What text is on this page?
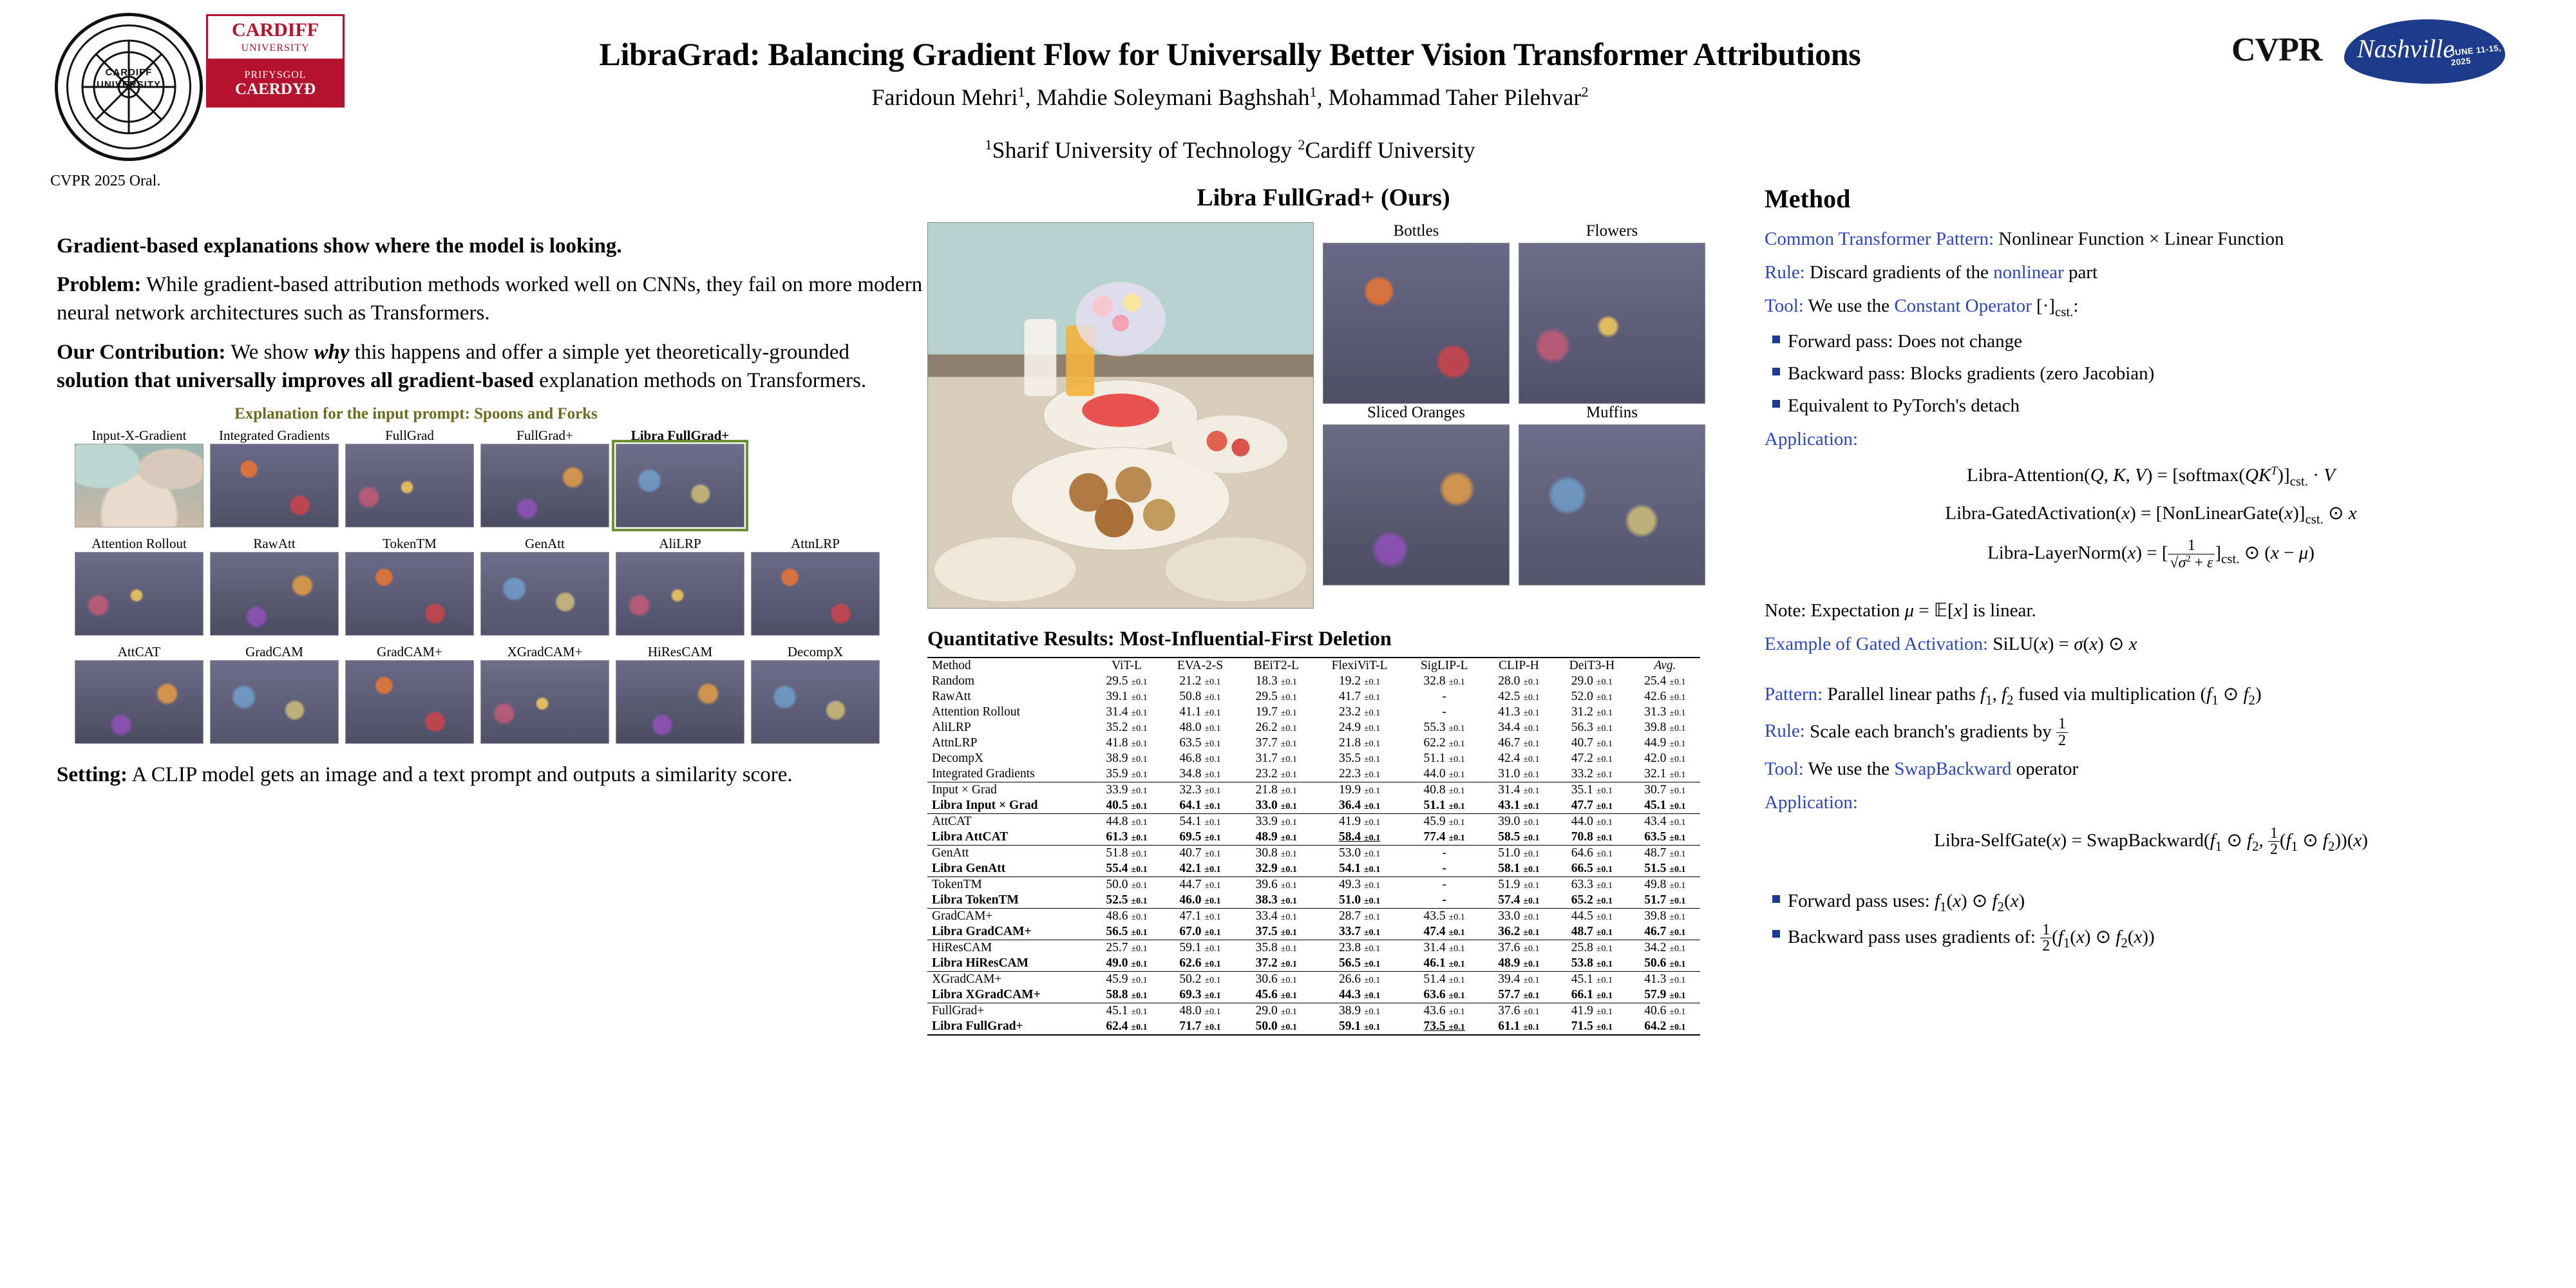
CARDIFF
UNIVERSITY
CARDIFF
UNIVERSITY
PRIFYSGOL
CAERDYÐ
CVPR 2025 Oral.
LibraGrad: Balancing Gradient Flow for Universally Better Vision Transformer Attributions
Faridoun Mehri$^1$, Mahdie Soleymani Baghshah$^1$, Mohammad Taher Pilehvar$^2$
$^1$Sharif University of Technology $^2$Cardiff University
CVPR Nashville
JUNE 11-15, 2025

Gradient-based explanations show where the model is looking.

Problem: While gradient-based attribution methods worked well on CNNs, they fail on more modern neural network architectures such as Transformers.

Our Contribution: We show why this happens and offer a simple yet theoretically-grounded solution that universally improves all gradient-based explanation methods on Transformers.

Explanation for the input prompt: Spoons and Forks
Input-X-Gradient	Integrated Gradients	FullGrad	FullGrad+	Libra FullGrad+
Attention Rollout	RawAtt	TokenTM	GenAtt	AliLRP	AttnLRP
AttCAT	GradCAM	GradCAM+	XGradCAM+	HiResCAM	DecompX
Setting: A CLIP model gets an image and a text prompt and outputs a similarity score.
Libra FullGrad+ (Ours)
Bottles	Flowers
Sliced Oranges	Muffins
Quantitative Results: Most-Influential-First Deletion
Method	ViT-L	EVA-2-S	BEiT2-L	FlexiViT-L	SigLIP-L	CLIP-H	DeiT3-H	Avg.
Random	29.5 ±0.1	21.2 ±0.1	18.3 ±0.1	19.2 ±0.1	32.8 ±0.1	28.0 ±0.1	29.0 ±0.1	25.4 ±0.1
RawAtt	39.1 ±0.1	50.8 ±0.1	29.5 ±0.1	41.7 ±0.1	-	42.5 ±0.1	52.0 ±0.1	42.6 ±0.1
Attention Rollout	31.4 ±0.1	41.1 ±0.1	19.7 ±0.1	23.2 ±0.1	-	41.3 ±0.1	31.2 ±0.1	31.3 ±0.1
AliLRP	35.2 ±0.1	48.0 ±0.1	26.2 ±0.1	24.9 ±0.1	55.3 ±0.1	34.4 ±0.1	56.3 ±0.1	39.8 ±0.1
AttnLRP	41.8 ±0.1	63.5 ±0.1	37.7 ±0.1	21.8 ±0.1	62.2 ±0.1	46.7 ±0.1	40.7 ±0.1	44.9 ±0.1
DecompX	38.9 ±0.1	46.8 ±0.1	31.7 ±0.1	35.5 ±0.1	51.1 ±0.1	42.4 ±0.1	47.2 ±0.1	42.0 ±0.1
Integrated Gradients	35.9 ±0.1	34.8 ±0.1	23.2 ±0.1	22.3 ±0.1	44.0 ±0.1	31.0 ±0.1	33.2 ±0.1	32.1 ±0.1
Input × Grad	33.9 ±0.1	32.3 ±0.1	21.8 ±0.1	19.9 ±0.1	40.8 ±0.1	31.4 ±0.1	35.1 ±0.1	30.7 ±0.1
Libra Input × Grad	40.5 ±0.1	64.1 ±0.1	33.0 ±0.1	36.4 ±0.1	51.1 ±0.1	43.1 ±0.1	47.7 ±0.1	45.1 ±0.1
AttCAT	44.8 ±0.1	54.1 ±0.1	33.9 ±0.1	41.9 ±0.1	45.9 ±0.1	39.0 ±0.1	44.0 ±0.1	43.4 ±0.1
Libra AttCAT	61.3 ±0.1	69.5 ±0.1	48.9 ±0.1	58.4 ±0.1	77.4 ±0.1	58.5 ±0.1	70.8 ±0.1	63.5 ±0.1
GenAtt	51.8 ±0.1	40.7 ±0.1	30.8 ±0.1	53.0 ±0.1	-	51.0 ±0.1	64.6 ±0.1	48.7 ±0.1
Libra GenAtt	55.4 ±0.1	42.1 ±0.1	32.9 ±0.1	54.1 ±0.1	-	58.1 ±0.1	66.5 ±0.1	51.5 ±0.1
TokenTM	50.0 ±0.1	44.7 ±0.1	39.6 ±0.1	49.3 ±0.1	-	51.9 ±0.1	63.3 ±0.1	49.8 ±0.1
Libra TokenTM	52.5 ±0.1	46.0 ±0.1	38.3 ±0.1	51.0 ±0.1	-	57.4 ±0.1	65.2 ±0.1	51.7 ±0.1
GradCAM+	48.6 ±0.1	47.1 ±0.1	33.4 ±0.1	28.7 ±0.1	43.5 ±0.1	33.0 ±0.1	44.5 ±0.1	39.8 ±0.1
Libra GradCAM+	56.5 ±0.1	67.0 ±0.1	37.5 ±0.1	33.7 ±0.1	47.4 ±0.1	36.2 ±0.1	48.7 ±0.1	46.7 ±0.1
HiResCAM	25.7 ±0.1	59.1 ±0.1	35.8 ±0.1	23.8 ±0.1	31.4 ±0.1	37.6 ±0.1	25.8 ±0.1	34.2 ±0.1
Libra HiResCAM	49.0 ±0.1	62.6 ±0.1	37.2 ±0.1	56.5 ±0.1	46.1 ±0.1	48.9 ±0.1	53.8 ±0.1	50.6 ±0.1
XGradCAM+	45.9 ±0.1	50.2 ±0.1	30.6 ±0.1	26.6 ±0.1	51.4 ±0.1	39.4 ±0.1	45.1 ±0.1	41.3 ±0.1
Libra XGradCAM+	58.8 ±0.1	69.3 ±0.1	45.6 ±0.1	44.3 ±0.1	63.6 ±0.1	57.7 ±0.1	66.1 ±0.1	57.9 ±0.1
FullGrad+	45.1 ±0.1	48.0 ±0.1	29.0 ±0.1	38.9 ±0.1	43.6 ±0.1	37.6 ±0.1	41.9 ±0.1	40.6 ±0.1
Libra FullGrad+	62.4 ±0.1	71.7 ±0.1	50.0 ±0.1	59.1 ±0.1	73.5 ±0.1	61.1 ±0.1	71.5 ±0.1	64.2 ±0.1
Method

Common Transformer Pattern: Nonlinear Function × Linear Function

Rule: Discard gradients of the nonlinear part

Tool: We use the Constant Operator $[\cdot]_{cst.}$:

Forward pass: Does not change
Backward pass: Blocks gradients (zero Jacobian)
Equivalent to PyTorch's detach

Application:

Libra-Attention(Q, K, $V) = [softmax(QK^T)]_{cst.} \cdot V$
Libra-GatedActivation(x) = $[NonLinearGate(x)]_{cst.}$ ⊙ x
Libra-LayerNorm(x) = [ $\frac{1}{√\sigma^2 + \varepsilon} ]_{cst.}$ ⊙ (x − μ)

Note: Expectation μ = 𝔼[x] is linear.

Example of Gated Activation: SiLU(x) = σ(x) ⊙ x

Pattern: Parallel linear paths $f_1$, $f_2$ fused via multiplication ($f_1$ ⊙ $f_2$)

Rule: Scale each branch's gradients by $\frac{1}{2}$

Tool: We use the SwapBackward operator

Application:

Libra-SelfGate(x) = $SwapBackward(f_1$ ⊙ $f_2$, $\frac{1}{2} (f_1$ ⊙ $f_2))(x)$
Forward pass uses: $f_1(x)$ ⊙ $f_2(x)$
Backward pass uses gradients of: $\frac{1}{2} (f_1(x)$ ⊙ $f_2(x)$)
